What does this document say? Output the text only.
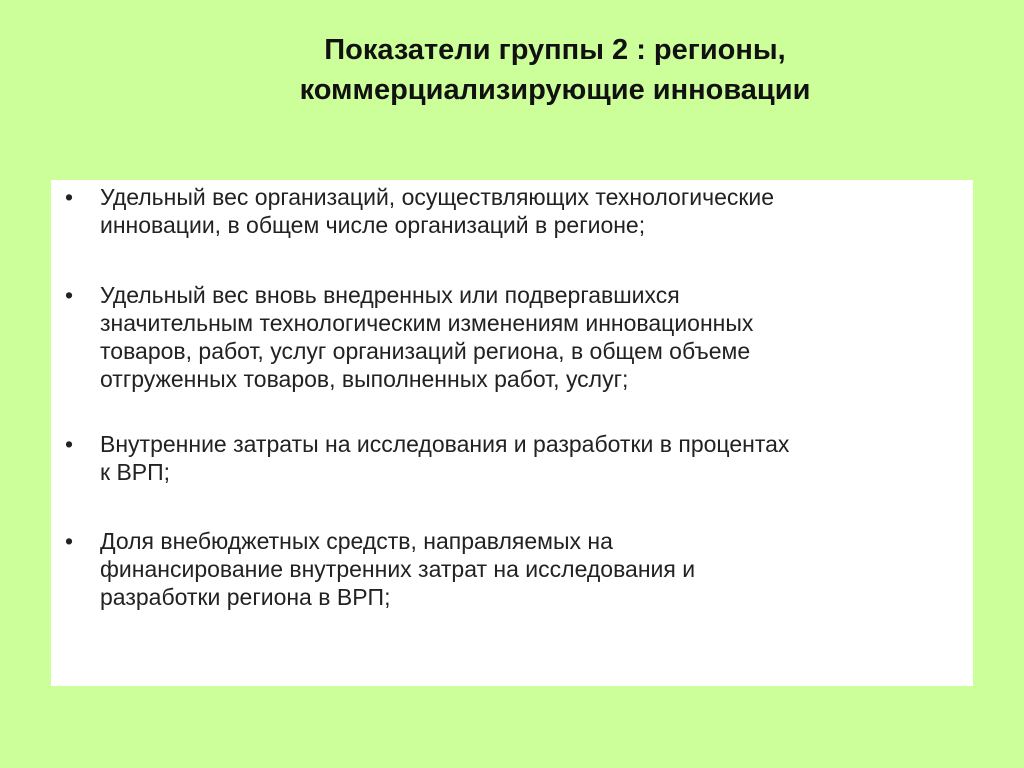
Показатели группы 2 : регионы,
коммерциализирующие инновации
• Удельный вес организаций, осуществляющих технологические
инновации, в общем числе организаций в регионе;

• Удельный вес вновь внедренных или подвергавшихся
значительным технологическим изменениям инновационных
товаров, работ, услуг организаций региона, в общем объеме
отгруженных товаров, выполненных работ, услуг;

• Внутренние затраты на исследования и разработки в процентах
к ВРП;

• Доля внебюджетных средств, направляемых на
финансирование внутренних затрат на исследования и
разработки региона в ВРП;
